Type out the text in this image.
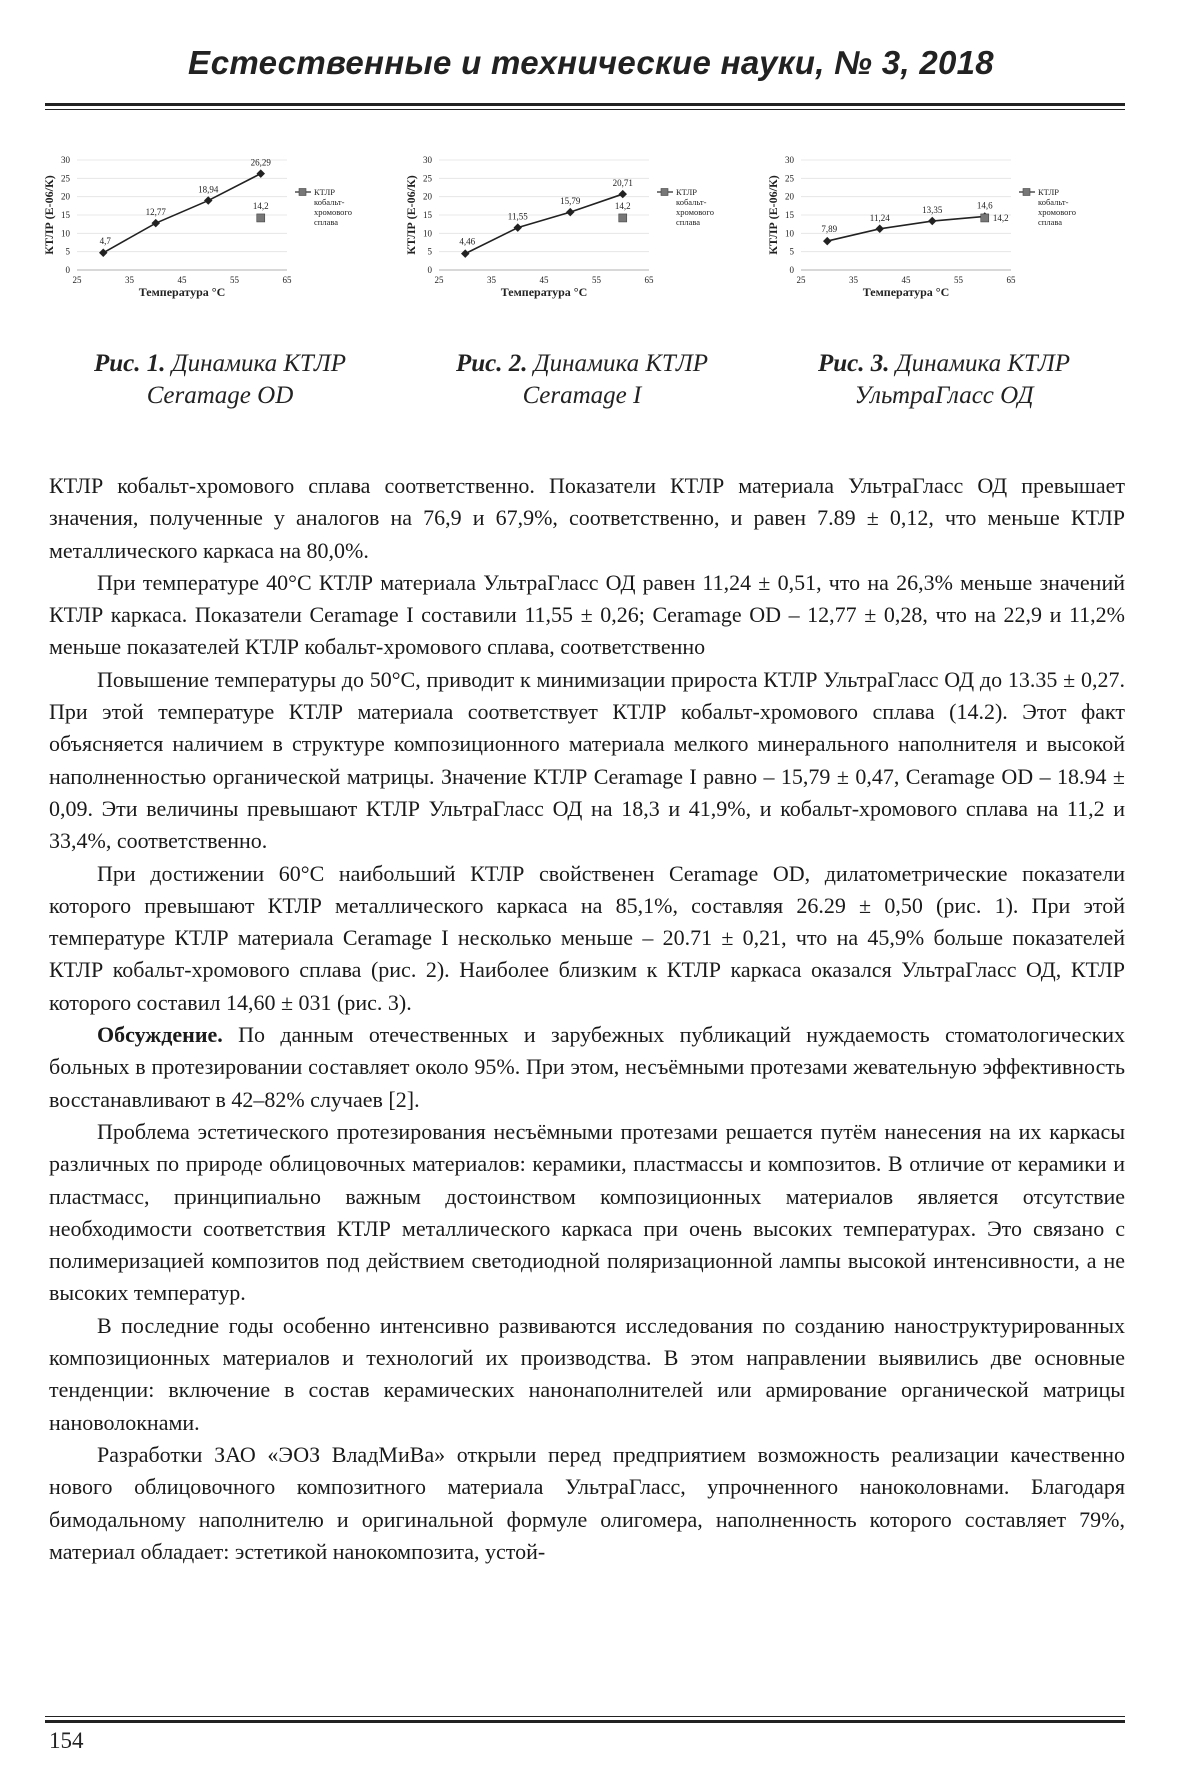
Естественные и технические науки, № 3, 2018
0
5
10
15
20
25
30
25	35	45	55	65
Температура °С
КТЛР (Е-06/К)	4,7
12,77
18,94
26,29
14,2
КТЛР
кобальт-
хромового
сплава
Рис. 1. Динамика КТЛР
Ceramage OD
0
5
10
15
20
25
30
25	35	45	55	65
Температура °С
КТЛР (Е-06/К)	4,46
11,55
15,79
20,71
14,2
КТЛР
кобальт-
хромового
сплава
Рис. 2. Динамика КТЛР
Ceramage I
0
5
10
15
20
25
30
25	35	45	55	65
Температура °С
КТЛР (Е-06/К)	7,89
11,24
13,35	14,6
14,2
КТЛР
кобальт-
хромового
сплава
Рис. 3. Динамика КТЛР
УльтраГласс ОД

КТЛР кобальт-хромового сплава соответственно. Показатели КТЛР материала УльтраГласс ОД превышает значения, полученные у аналогов на 76,9 и 67,9%, соответственно, и равен 7.89 ± 0,12, что меньше КТЛР металлического каркаса на 80,0%.

При температуре 40°С КТЛР материала УльтраГласс ОД равен 11,24 ± 0,51, что на 26,3% меньше значений КТЛР каркаса. Показатели Ceramage I составили 11,55 ± 0,26; Ceramage OD – 12,77 ± 0,28, что на 22,9 и 11,2% меньше показателей КТЛР кобальт-хромового сплава, соответственно

Повышение температуры до 50°С, приводит к минимизации прироста КТЛР УльтраГласс ОД до 13.35 ± 0,27. При этой температуре КТЛР материала соответствует КТЛР кобальт-хромового сплава (14.2). Этот факт объясняется наличием в структуре композиционного материала мелкого минерального наполнителя и высокой наполненностью органической матрицы. Значение КТЛР Ceramage I равно – 15,79 ± 0,47, Ceramage OD – 18.94 ± 0,09. Эти величины превышают КТЛР УльтраГласс ОД на 18,3 и 41,9%, и кобальт-хромового сплава на 11,2 и 33,4%, соответственно.

При достижении 60°С наибольший КТЛР свойственен Ceramage OD, дилатометрические показатели которого превышают КТЛР металлического каркаса на 85,1%, составляя 26.29 ± 0,50 (рис. 1). При этой температуре КТЛР материала Ceramage I несколько меньше – 20.71 ± 0,21, что на 45,9% больше показателей КТЛР кобальт-хромового сплава (рис. 2). Наиболее близким к КТЛР каркаса оказался УльтраГласс ОД, КТЛР которого составил 14,60 ± 031 (рис. 3).

Обсуждение. По данным отечественных и зарубежных публикаций нуждаемость стоматологических больных в протезировании составляет около 95%. При этом, несъёмными протезами жевательную эффективность восстанавливают в 42–82% случаев [2].

Проблема эстетического протезирования несъёмными протезами решается путём нанесения на их каркасы различных по природе облицовочных материалов: керамики, пластмассы и композитов. В отличие от керамики и пластмасс, принципиально важным достоинством композиционных материалов является отсутствие необходимости соответствия КТЛР металлического каркаса при очень высоких температурах. Это связано с полимеризацией композитов под действием светодиодной поляризационной лампы высокой интенсивности, а не высоких температур.

В последние годы особенно интенсивно развиваются исследования по созданию наноструктурированных композиционных материалов и технологий их производства. В этом направлении выявились две основные тенденции: включение в состав керамических нанонаполнителей или армирование органической матрицы нановолокнами.

Разработки ЗАО «ЭОЗ ВладМиВа» открыли перед предприятием возможность реализации качественно нового облицовочного композитного материала УльтраГласс, упрочненного наноколовнами. Благодаря бимодальному наполнителю и оригинальной формуле олигомера, наполненность которого составляет 79%, материал обладает: эстетикой нанокомпозита, устой-

154
